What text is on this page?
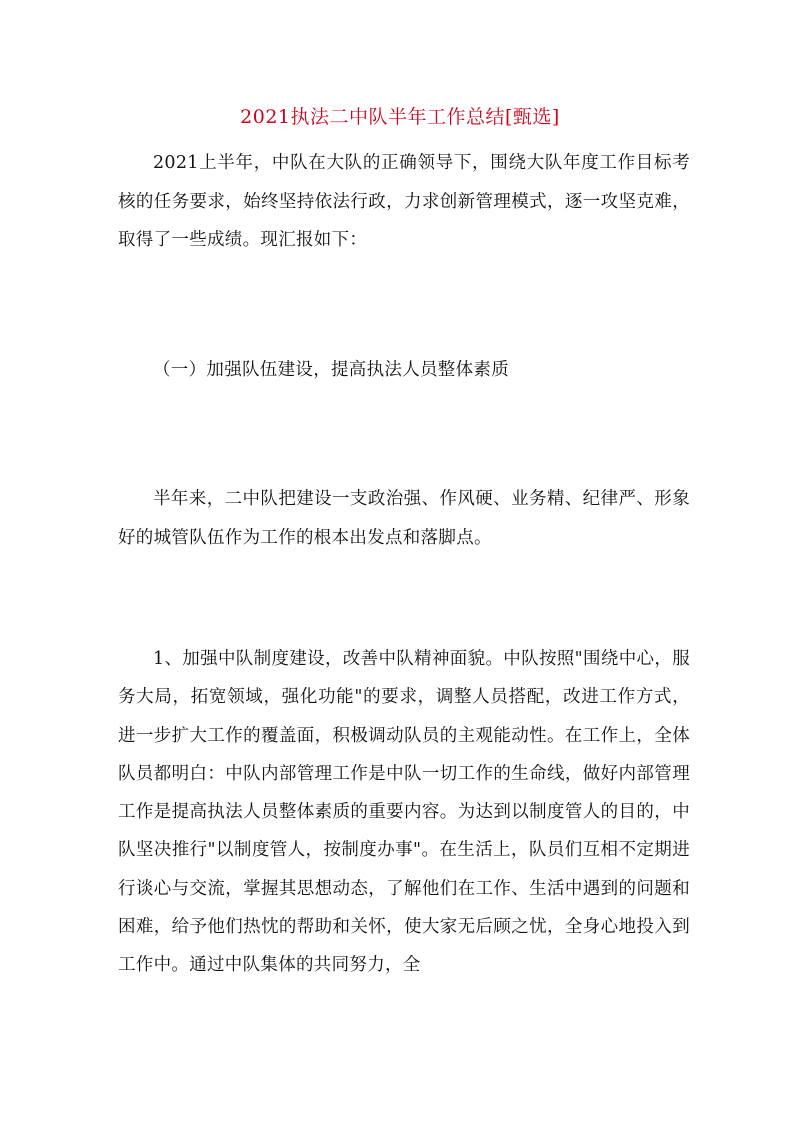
2021执法二中队半年工作总结[甄选]

2021上半年，中队在大队的正确领导下，围绕大队年度工作目标考核的任务要求，始终坚持依法行政，力求创新管理模式，逐一攻坚克难，取得了一些成绩。现汇报如下：

（一）加强队伍建设，提高执法人员整体素质

半年来，二中队把建设一支政治强、作风硬、业务精、纪律严、形象好的城管队伍作为工作的根本出发点和落脚点。

1、加强中队制度建设，改善中队精神面貌。中队按照"围绕中心，服务大局，拓宽领域，强化功能"的要求，调整人员搭配，改进工作方式，进一步扩大工作的覆盖面，积极调动队员的主观能动性。在工作上，全体队员都明白：中队内部管理工作是中队一切工作的生命线，做好内部管理工作是提高执法人员整体素质的重要内容。为达到以制度管人的目的，中队坚决推行"以制度管人，按制度办事"。在生活上，队员们互相不定期进行谈心与交流，掌握其思想动态，了解他们在工作、生活中遇到的问题和困难，给予他们热忱的帮助和关怀，使大家无后顾之忧，全身心地投入到工作中。通过中队集体的共同努力，全
